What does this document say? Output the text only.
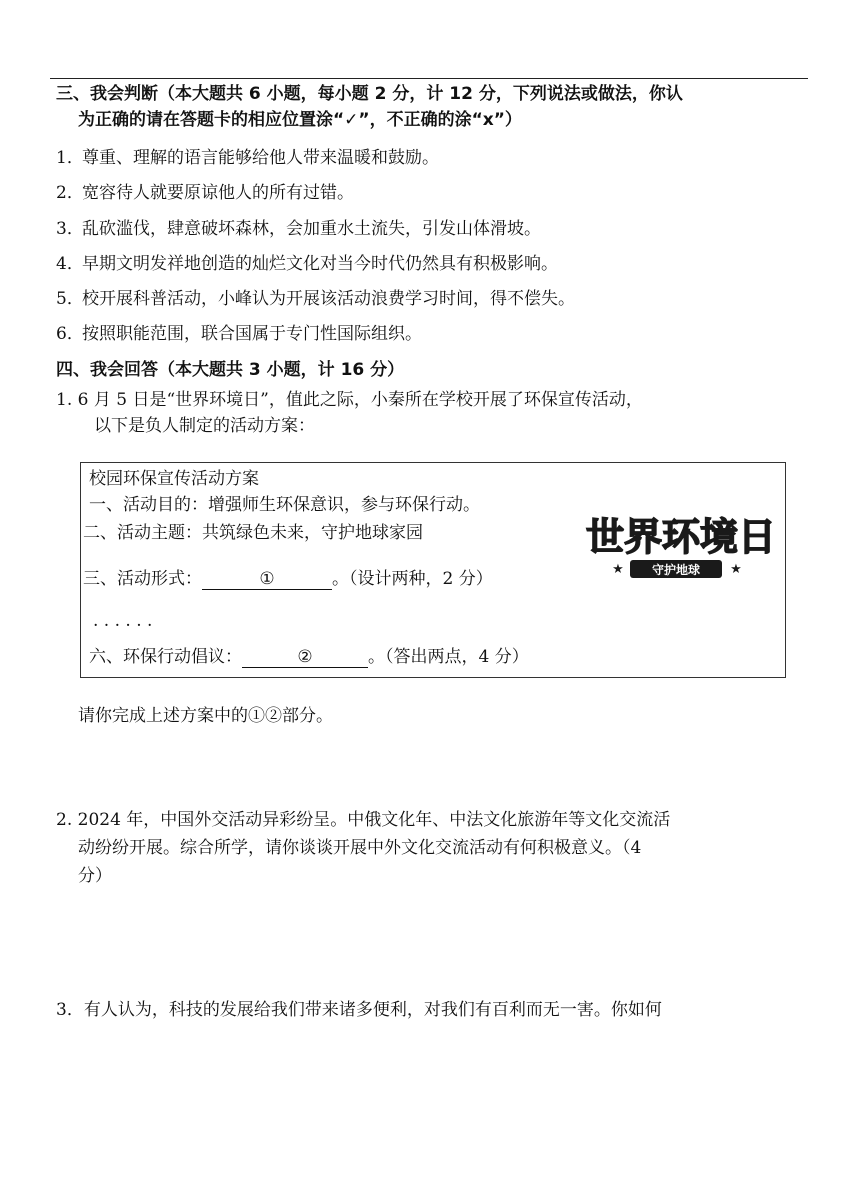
三、我会判断（本大题共 6 小题，每小题 2 分，计 12 分，下列说法或做法，你认
为正确的请在答题卡的相应位置涂“✓”，不正确的涂“x”）
1．尊重、理解的语言能够给他人带来温暖和鼓励。
2．宽容待人就要原谅他人的所有过错。
3．乱砍滥伐，肆意破坏森林，会加重水土流失，引发山体滑坡。
4．早期文明发祥地创造的灿烂文化对当今时代仍然具有积极影响。
5．校开展科普活动，小峰认为开展该活动浪费学习时间，得不偿失。
6．按照职能范围，联合国属于专门性国际组织。
四、我会回答（本大题共 3 小题，计 16 分）
1. 6 月 5 日是“世界环境日”，值此之际，小秦所在学校开展了环保宣传活动，
以下是负人制定的活动方案：
校园环保宣传活动方案
一、活动目的：增强师生环保意识，参与环保行动。
二、活动主题：共筑绿色未来，守护地球家园
三、活动形式：	①	。（设计两种，2 分）
. . . . . .
六、环保行动倡议：	②	。（答出两点，4 分）
世界环境日
★ 守护地球 ★
请你完成上述方案中的①②部分。
2. 2024 年，中国外交活动异彩纷呈。中俄文化年、中法文化旅游年等文化交流活
动纷纷开展。综合所学，请你谈谈开展中外文化交流活动有何积极意义。（4
分）
3．有人认为，科技的发展给我们带来诸多便利，对我们有百利而无一害。你如何
